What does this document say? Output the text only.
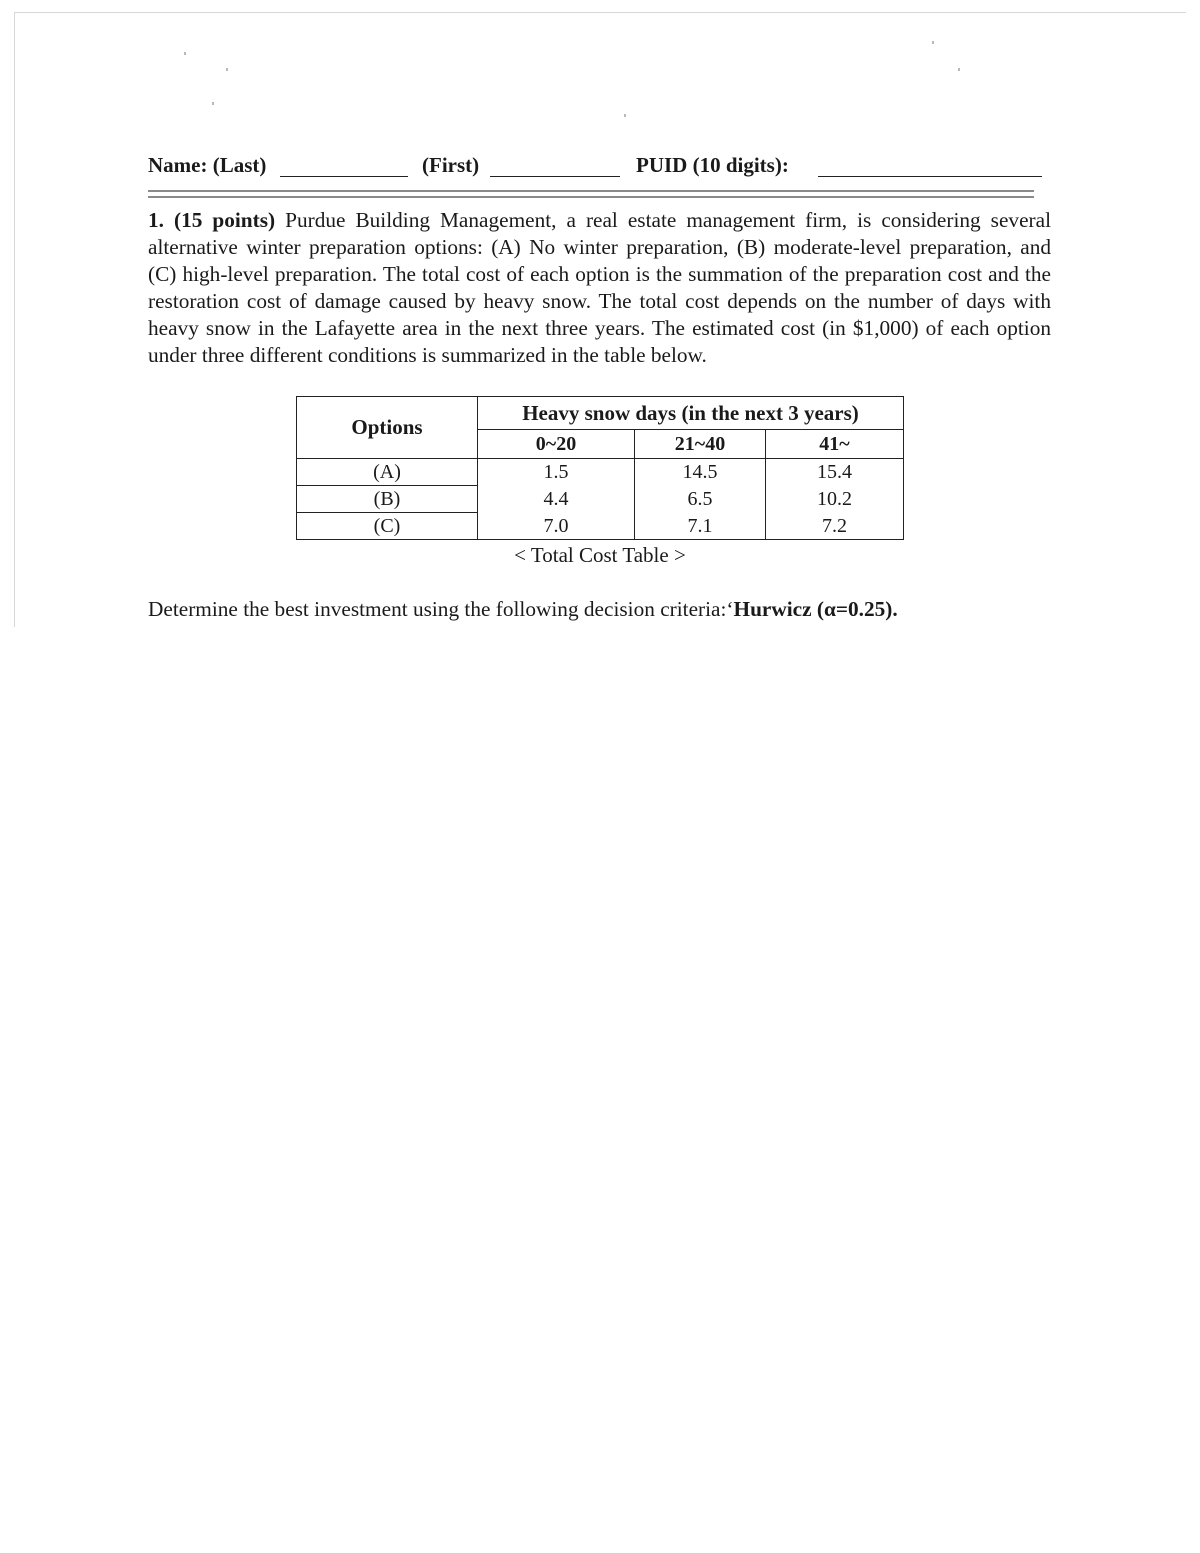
Name: (Last)	(First)	PUID (10 digits):
1. (15 points) Purdue Building Management, a real estate management firm, is considering several alternative winter preparation options: (A) No winter preparation, (B) moderate-level preparation, and (C) high-level preparation. The total cost of each option is the summation of the preparation cost and the restoration cost of damage caused by heavy snow. The total cost depends on the number of days with heavy snow in the Lafayette area in the next three years. The estimated cost (in $1,000) of each option under three different conditions is summarized in the table below.
Options	Heavy snow days (in the next 3 years)		
	0~20	21~40	41~
(A)	1.5	14.5	15.4
(B)	4.4	6.5	10.2
(C)	7.0	7.1	7.2
< Total Cost Table >
Determine the best investment using the following decision criteria:‘Hurwicz (α=0.25).
